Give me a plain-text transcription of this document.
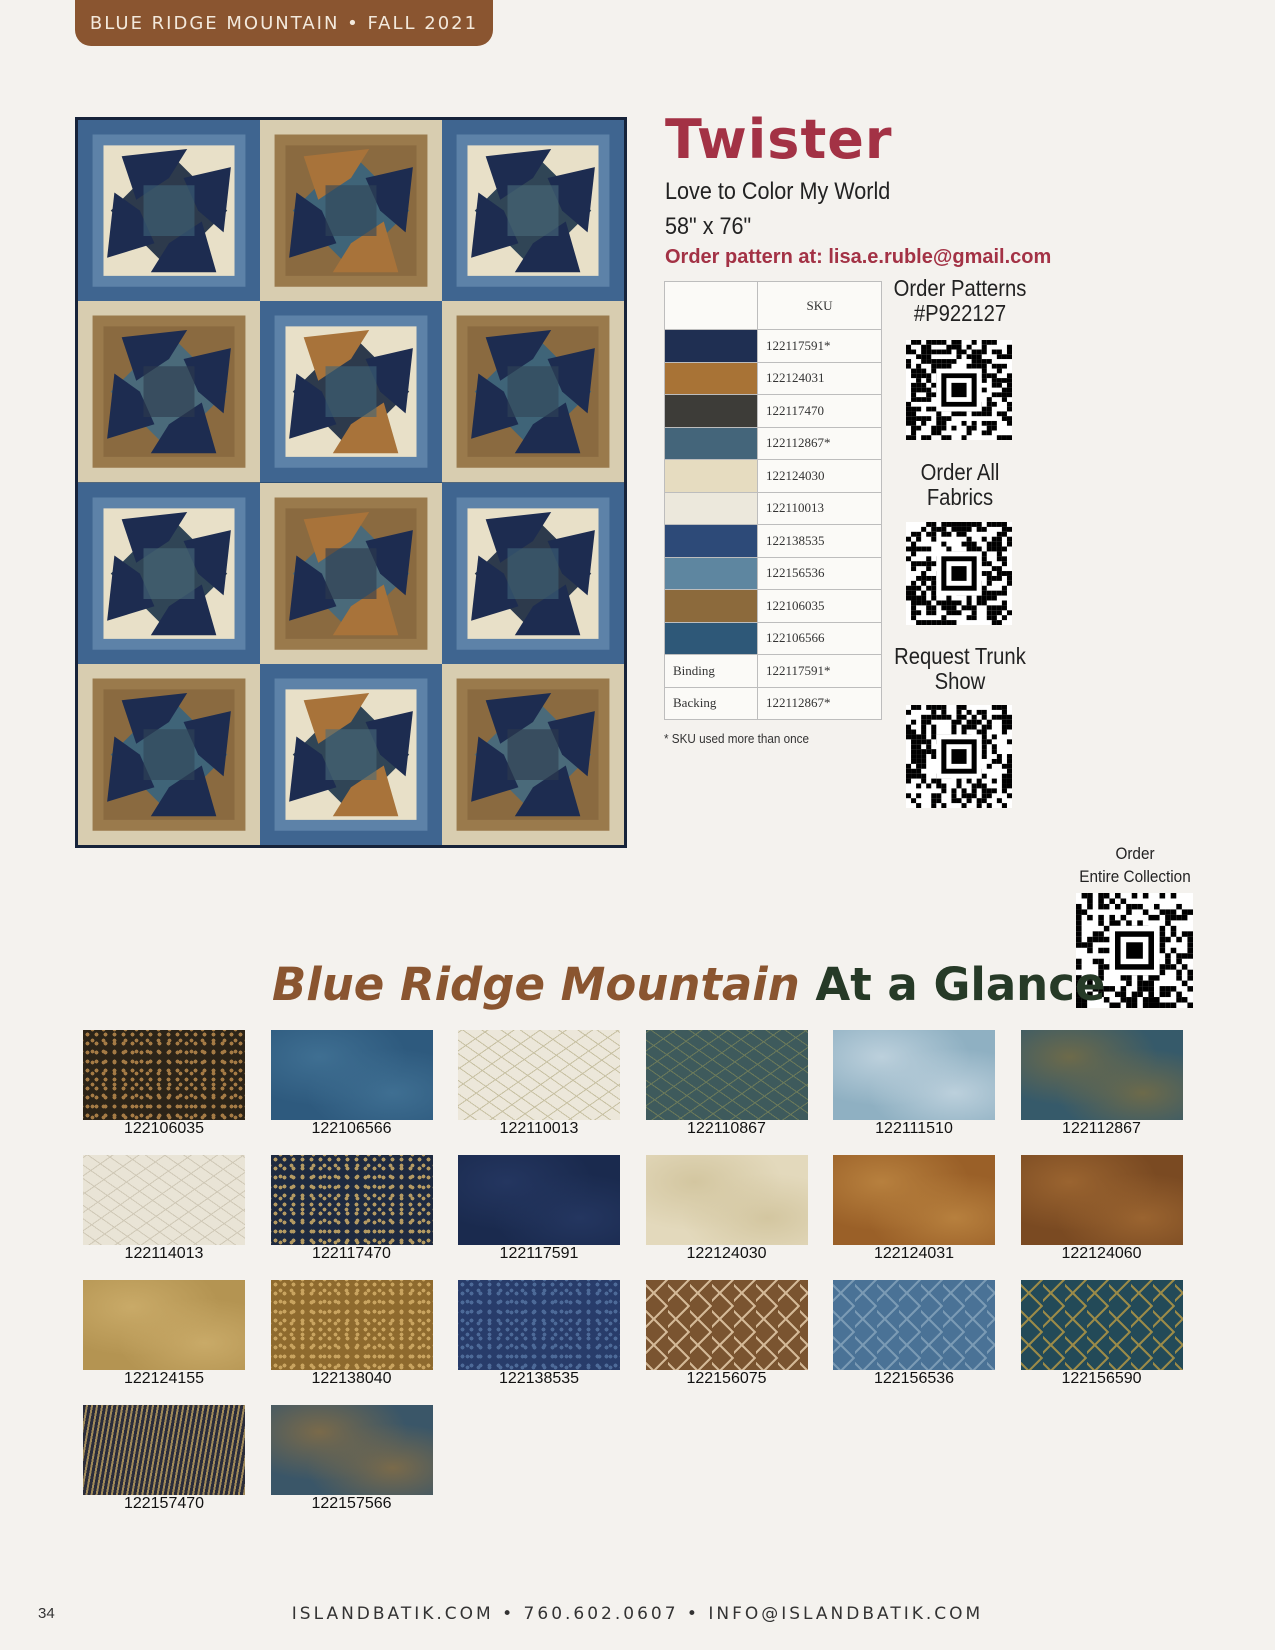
BLUE RIDGE MOUNTAIN • FALL 2021
Twister
Love to Color My World
58" x 76"
Order pattern at: lisa.e.ruble@gmail.com
	SKU
	122117591*
	122124031
	122117470
	122112867*
	122124030
	122110013
	122138535
	122156536
	122106035
	122106566
Binding	122117591*
Backing	122112867*
* SKU used more than once
Order Patterns
#P922127
Order All
Fabrics
Request Trunk
Show
Order
Entire Collection
Blue Ridge Mountain At a Glance
122106035	122106566	122110013	122110867	122111510	122112867
122114013	122117470	122117591	122124030	122124031	122124060
122124155	122138040	122138535	122156075	122156536	122156590
122157470	122157566
34	ISLANDBATIK.COM • 760.602.0607 • INFO@ISLANDBATIK.COM
